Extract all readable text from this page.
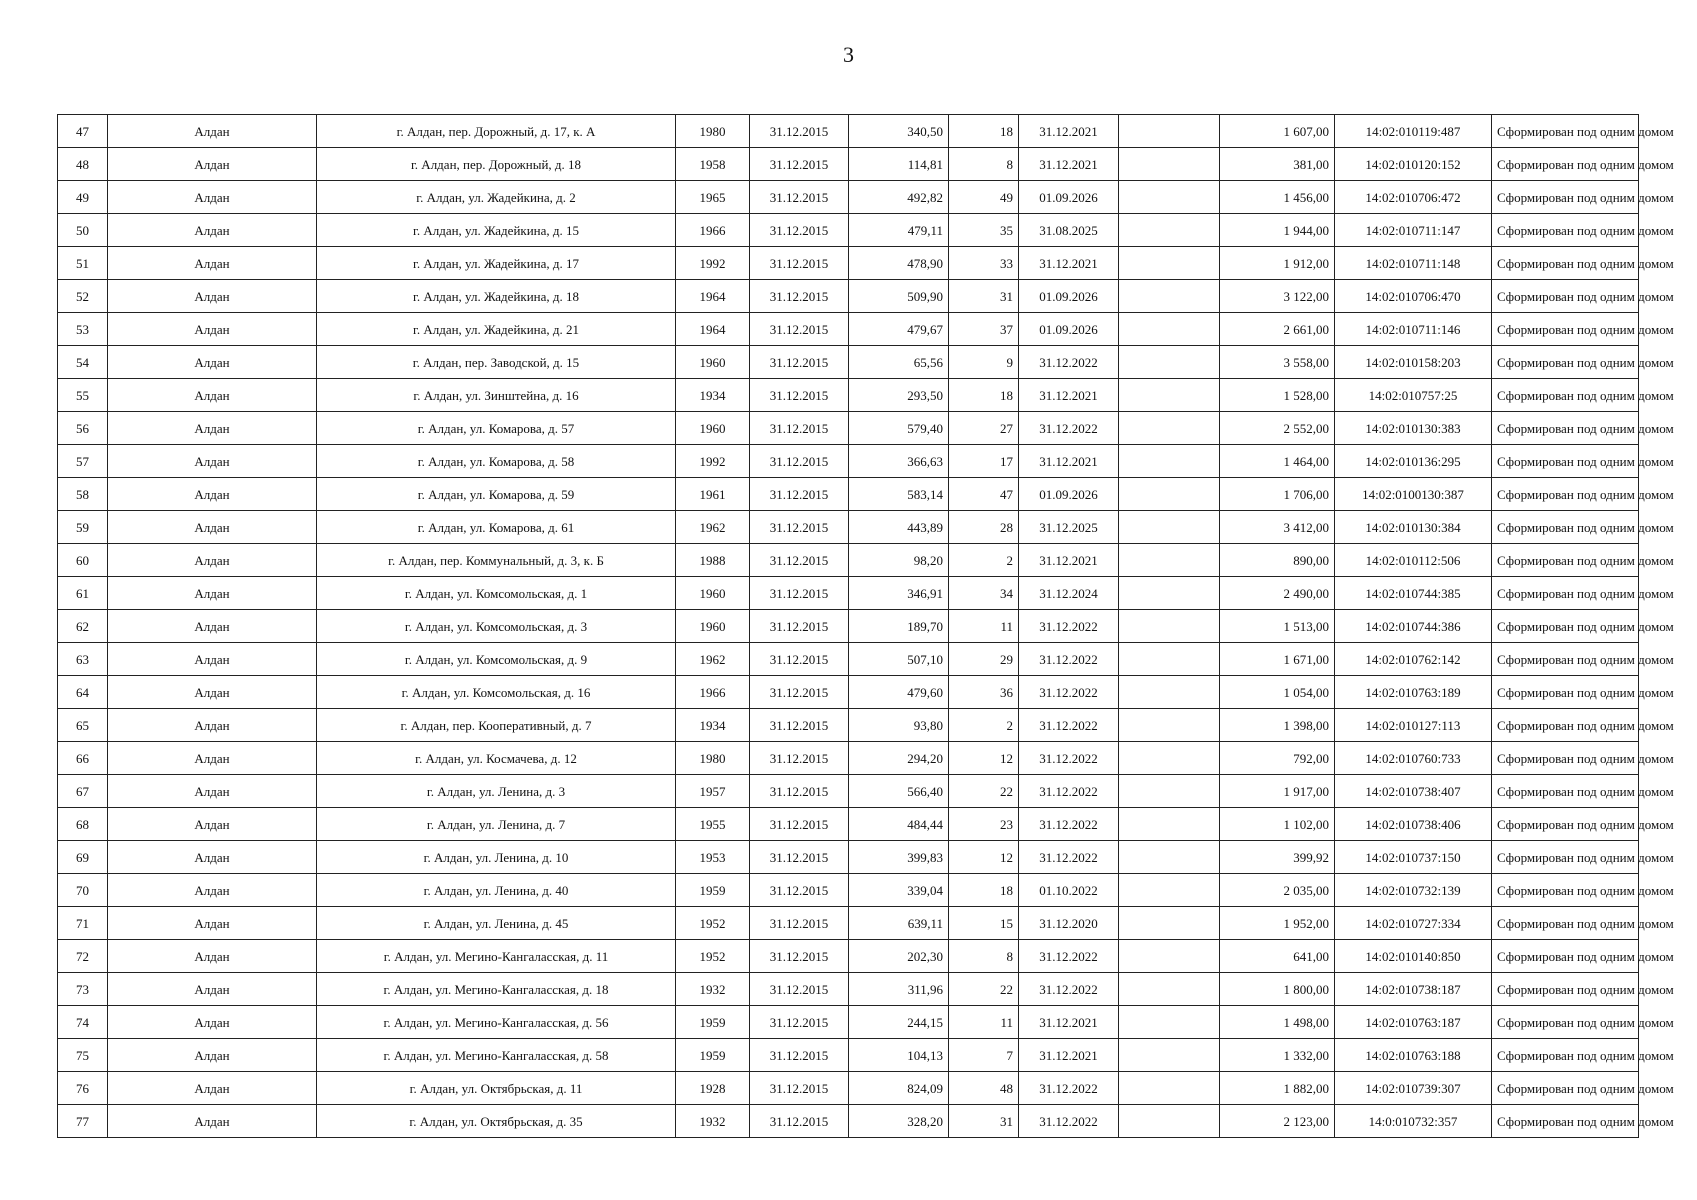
3
47	Алдан	г. Алдан, пер. Дорожный, д. 17, к. А	1980	31.12.2015	340,50	18	31.12.2021		1 607,00	14:02:010119:487	Сформирован под одним домом
48	Алдан	г. Алдан, пер. Дорожный, д. 18	1958	31.12.2015	114,81	8	31.12.2021		381,00	14:02:010120:152	Сформирован под одним домом
49	Алдан	г. Алдан, ул. Жадейкина, д. 2	1965	31.12.2015	492,82	49	01.09.2026		1 456,00	14:02:010706:472	Сформирован под одним домом
50	Алдан	г. Алдан, ул. Жадейкина, д. 15	1966	31.12.2015	479,11	35	31.08.2025		1 944,00	14:02:010711:147	Сформирован под одним домом
51	Алдан	г. Алдан, ул. Жадейкина, д. 17	1992	31.12.2015	478,90	33	31.12.2021		1 912,00	14:02:010711:148	Сформирован под одним домом
52	Алдан	г. Алдан, ул. Жадейкина, д. 18	1964	31.12.2015	509,90	31	01.09.2026		3 122,00	14:02:010706:470	Сформирован под одним домом
53	Алдан	г. Алдан, ул. Жадейкина, д. 21	1964	31.12.2015	479,67	37	01.09.2026		2 661,00	14:02:010711:146	Сформирован под одним домом
54	Алдан	г. Алдан, пер. Заводской, д. 15	1960	31.12.2015	65,56	9	31.12.2022		3 558,00	14:02:010158:203	Сформирован под одним домом
55	Алдан	г. Алдан, ул. Зинштейна, д. 16	1934	31.12.2015	293,50	18	31.12.2021		1 528,00	14:02:010757:25	Сформирован под одним домом
56	Алдан	г. Алдан, ул. Комарова, д. 57	1960	31.12.2015	579,40	27	31.12.2022		2 552,00	14:02:010130:383	Сформирован под одним домом
57	Алдан	г. Алдан, ул. Комарова, д. 58	1992	31.12.2015	366,63	17	31.12.2021		1 464,00	14:02:010136:295	Сформирован под одним домом
58	Алдан	г. Алдан, ул. Комарова, д. 59	1961	31.12.2015	583,14	47	01.09.2026		1 706,00	14:02:0100130:387	Сформирован под одним домом
59	Алдан	г. Алдан, ул. Комарова, д. 61	1962	31.12.2015	443,89	28	31.12.2025		3 412,00	14:02:010130:384	Сформирован под одним домом
60	Алдан	г. Алдан, пер. Коммунальный, д. 3, к. Б	1988	31.12.2015	98,20	2	31.12.2021		890,00	14:02:010112:506	Сформирован под одним домом
61	Алдан	г. Алдан, ул. Комсомольская, д. 1	1960	31.12.2015	346,91	34	31.12.2024		2 490,00	14:02:010744:385	Сформирован под одним домом
62	Алдан	г. Алдан, ул. Комсомольская, д. 3	1960	31.12.2015	189,70	11	31.12.2022		1 513,00	14:02:010744:386	Сформирован под одним домом
63	Алдан	г. Алдан, ул. Комсомольская, д. 9	1962	31.12.2015	507,10	29	31.12.2022		1 671,00	14:02:010762:142	Сформирован под одним домом
64	Алдан	г. Алдан, ул. Комсомольская, д. 16	1966	31.12.2015	479,60	36	31.12.2022		1 054,00	14:02:010763:189	Сформирован под одним домом
65	Алдан	г. Алдан, пер. Кооперативный, д. 7	1934	31.12.2015	93,80	2	31.12.2022		1 398,00	14:02:010127:113	Сформирован под одним домом
66	Алдан	г. Алдан, ул. Космачева, д. 12	1980	31.12.2015	294,20	12	31.12.2022		792,00	14:02:010760:733	Сформирован под одним домом
67	Алдан	г. Алдан, ул. Ленина, д. 3	1957	31.12.2015	566,40	22	31.12.2022		1 917,00	14:02:010738:407	Сформирован под одним домом
68	Алдан	г. Алдан, ул. Ленина, д. 7	1955	31.12.2015	484,44	23	31.12.2022		1 102,00	14:02:010738:406	Сформирован под одним домом
69	Алдан	г. Алдан, ул. Ленина, д. 10	1953	31.12.2015	399,83	12	31.12.2022		399,92	14:02:010737:150	Сформирован под одним домом
70	Алдан	г. Алдан, ул. Ленина, д. 40	1959	31.12.2015	339,04	18	01.10.2022		2 035,00	14:02:010732:139	Сформирован под одним домом
71	Алдан	г. Алдан, ул. Ленина, д. 45	1952	31.12.2015	639,11	15	31.12.2020		1 952,00	14:02:010727:334	Сформирован под одним домом
72	Алдан	г. Алдан, ул. Мегино-Кангаласская, д. 11	1952	31.12.2015	202,30	8	31.12.2022		641,00	14:02:010140:850	Сформирован под одним домом
73	Алдан	г. Алдан, ул. Мегино-Кангаласская, д. 18	1932	31.12.2015	311,96	22	31.12.2022		1 800,00	14:02:010738:187	Сформирован под одним домом
74	Алдан	г. Алдан, ул. Мегино-Кангаласская, д. 56	1959	31.12.2015	244,15	11	31.12.2021		1 498,00	14:02:010763:187	Сформирован под одним домом
75	Алдан	г. Алдан, ул. Мегино-Кангаласская, д. 58	1959	31.12.2015	104,13	7	31.12.2021		1 332,00	14:02:010763:188	Сформирован под одним домом
76	Алдан	г. Алдан, ул. Октябрьская, д. 11	1928	31.12.2015	824,09	48	31.12.2022		1 882,00	14:02:010739:307	Сформирован под одним домом
77	Алдан	г. Алдан, ул. Октябрьская, д. 35	1932	31.12.2015	328,20	31	31.12.2022		2 123,00	14:0:010732:357	Сформирован под одним домом
